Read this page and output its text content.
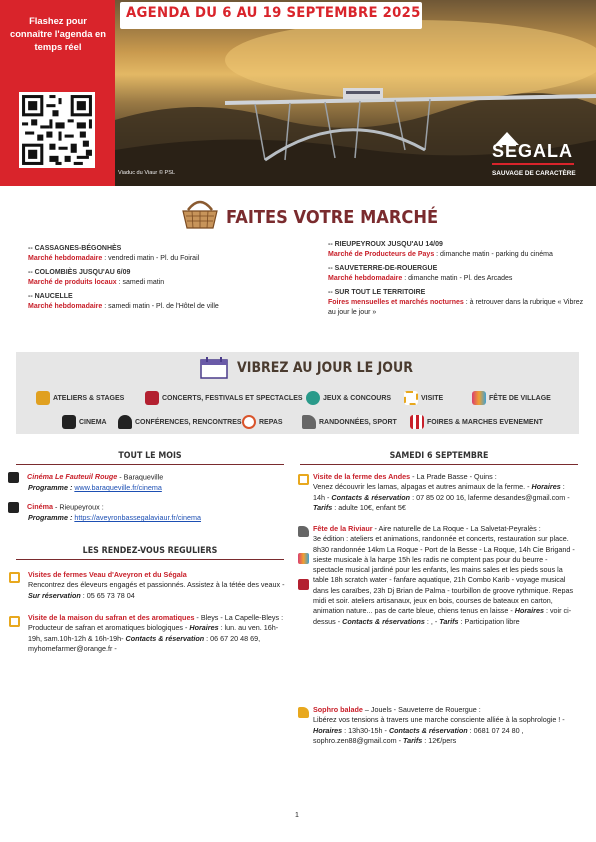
Flashez pour connaître l'agenda en temps réel
AGENDA DU 6 AU 19 SEPTEMBRE 2025
Viaduc du Viaur © PSL
SÉGALA
SAUVAGE DE CARACTÈRE
FAITES VOTRE MARCHÉ
-- CASSAGNES-BÉGONHÈS
Marché hebdomadaire : vendredi matin - Pl. du Foirail
-- COLOMBIÈS JUSQU'AU 6/09
Marché de produits locaux : samedi matin
-- NAUCELLE
Marché hebdomadaire : samedi matin - Pl. de l'Hôtel de ville
-- RIEUPEYROUX JUSQU'AU 14/09
Marché de Producteurs de Pays : dimanche matin - parking du cinéma
-- SAUVETERRE-DE-ROUERGUE
Marché hebdomadaire : dimanche matin - Pl. des Arcades
-- SUR TOUT LE TERRITOIRE
Foires mensuelles et marchés nocturnes : à retrouver dans la rubrique « Vibrez au jour le jour »
VIBREZ AU JOUR LE JOUR
ATELIERS & STAGES	CONCERTS, FESTIVALS ET SPECTACLES	JEUX & CONCOURS	VISITE	FÊTE DE VILLAGE
CINEMA	CONFÉRENCES, RENCONTRES REPAS	RANDONNÉES, SPORT	FOIRES & MARCHES EVENEMENT
TOUT LE MOIS
Cinéma Le Fauteuil Rouge - Baraqueville
Programme : www.baraqueville.fr/cinema
Cinéma - Rieupeyroux :
Programme : https://aveyronbassegalaviaur.fr/cinema
LES RENDEZ-VOUS REGULIERS
Visites de fermes Veau d'Aveyron et du Ségala
Rencontrez des éleveurs engagés et passionnés. Assistez à la tétée des veaux - Sur réservation : 05 65 73 78 04
Visite de la maison du safran et des aromatiques - Bleys - La Capelle-Bleys :
Producteur de safran et aromatiques biologiques - Horaires : lun. au ven. 16h-19h, sam.10h-12h & 16h-19h- Contacts & réservation : 06 67 20 48 69, myhomefarmer@orange.fr -
SAMEDI 6 SEPTEMBRE
Visite de la ferme des Andes - La Prade Basse - Quins :
Venez découvrir les lamas, alpagas et autres animaux de la ferme. - Horaires : 14h - Contacts & réservation : 07 85 02 00 16, laferme desandes@gmail.com - Tarifs : adulte 10€, enfant 5€
Fête de la Riviaur - Aire naturelle de La Roque - La Salvetat-Peyralès :
3e édition : ateliers et animations, randonnée et concerts, restauration sur place. 8h30 randonnée 14km La Roque - Port de la Besse - La Roque, 14h Cie Brigand - sieste musicale à la harpe 15h les radis ne comptent pas pour du beurre - spectacle musical jardiné pour les enfants, les mains sales et les pieds sous la table 18h scratch water - fanfare aquatique, 21h Combo Karib - voyage musical dans les caraïbes, 23h Dj Brian de Palma - tourbillon de groove rythmique. Repas midi et soir. ateliers artisanaux, jeux en bois, courses de bateaux en carton, animation nature... pas de carte bleue, chiens tenus en laisse - Horaires : voir ci-dessus - Contacts & réservations : , - Tarifs : Participation libre
Sophro balade – Jouels - Sauveterre de Rouergue :
Libérez vos tensions à travers une marche consciente alliée à la sophrologie ! - Horaires : 13h30-15h - Contacts & réservation : 0681 07 24 80 , sophro.zen88@gmail.com - Tarifs : 12€/pers
1
